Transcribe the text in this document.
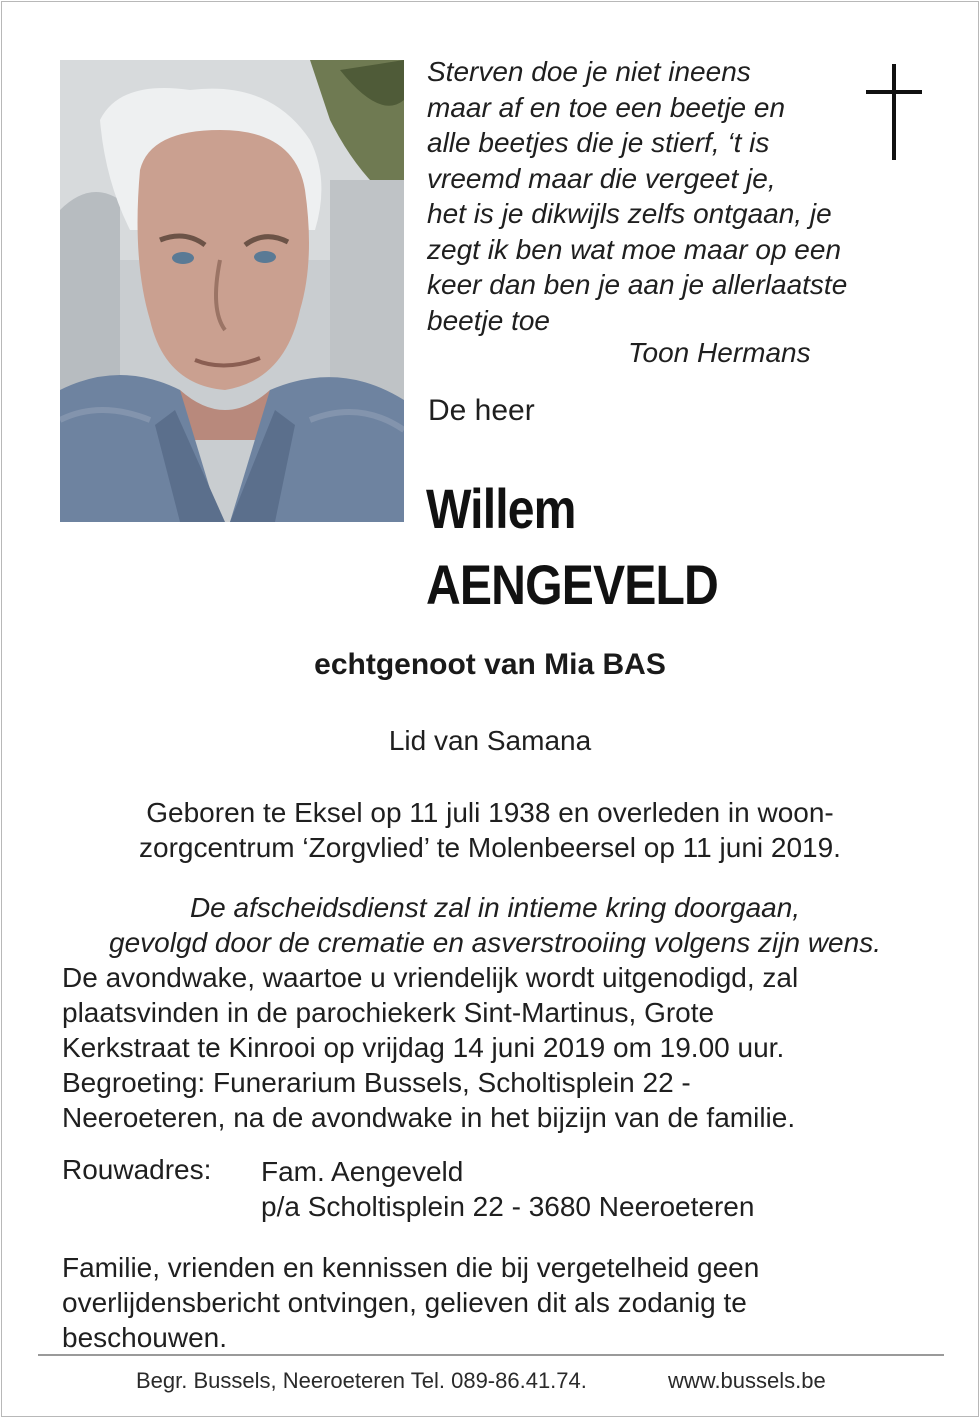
Sterven doe je niet ineens
maar af en toe een beetje en
alle beetjes die je stierf, ‘t is
vreemd maar die vergeet je,
het is je dikwijls zelfs ontgaan, je
zegt ik ben wat moe maar op een
keer dan ben je aan je allerlaatste
beetje toe
Toon Hermans
De heer
Willem
AENGEVELD
echtgenoot van Mia BAS
Lid van Samana
Geboren te Eksel op 11 juli 1938 en overleden in woon-
zorgcentrum ‘Zorgvlied’ te Molenbeersel op 11 juni 2019.
De afscheidsdienst zal in intieme kring doorgaan,
gevolgd door de crematie en asverstrooiing volgens zijn wens.
De avondwake, waartoe u vriendelijk wordt uitgenodigd, zal
plaatsvinden in de parochiekerk Sint-Martinus, Grote
Kerkstraat te Kinrooi op vrijdag 14 juni 2019 om 19.00 uur.
Begroeting: Funerarium Bussels, Scholtisplein 22 -
Neeroeteren, na de avondwake in het bijzijn van de familie.
Rouwadres: Fam. Aengeveld
p/a Scholtisplein 22 - 3680 Neeroeteren
Familie, vrienden en kennissen die bij vergetelheid geen
overlijdensbericht ontvingen, gelieven dit als zodanig te
beschouwen.
Begr. Bussels, Neeroeteren Tel. 089-86.41.74.	www.bussels.be
